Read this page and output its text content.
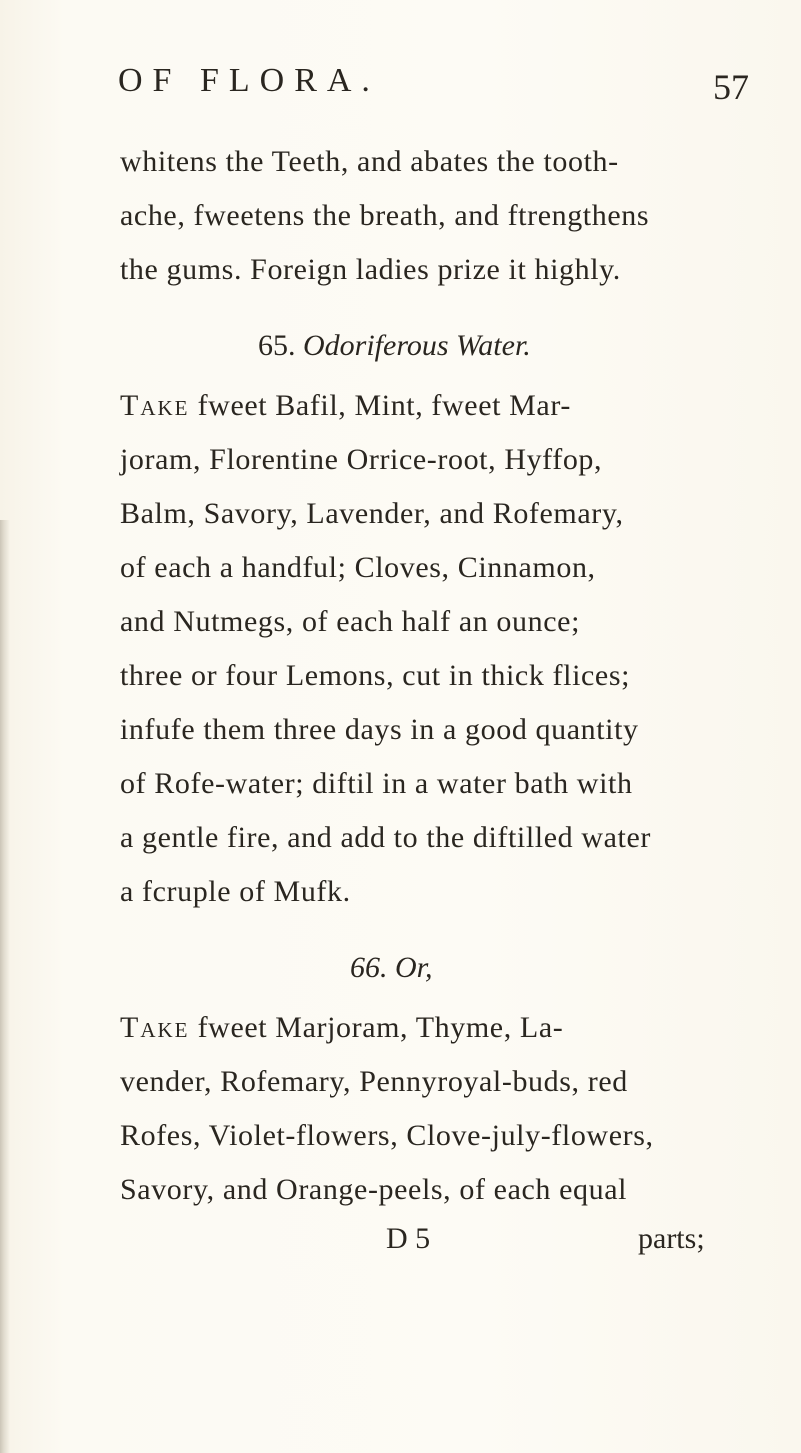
OF FLORA.	57
whitens the Teeth, and abates the tooth-
ache, fweetens the breath, and ftrengthens
the gums. Foreign ladies prize it highly.
65. Odoriferous Water.
Take fweet Bafil, Mint, fweet Mar-
joram, Florentine Orrice-root, Hyffop,
Balm, Savory, Lavender, and Rofemary,
of each a handful; Cloves, Cinnamon,
and Nutmegs, of each half an ounce;
three or four Lemons, cut in thick flices;
infufe them three days in a good quantity
of Rofe-water; diftil in a water bath with
a gentle fire, and add to the diftilled water
a fcruple of Mufk.
66. Or,
Take fweet Marjoram, Thyme, La-
vender, Rofemary, Pennyroyal-buds, red
Rofes, Violet-flowers, Clove-july-flowers,
Savory, and Orange-peels, of each equal
D 5	parts;
